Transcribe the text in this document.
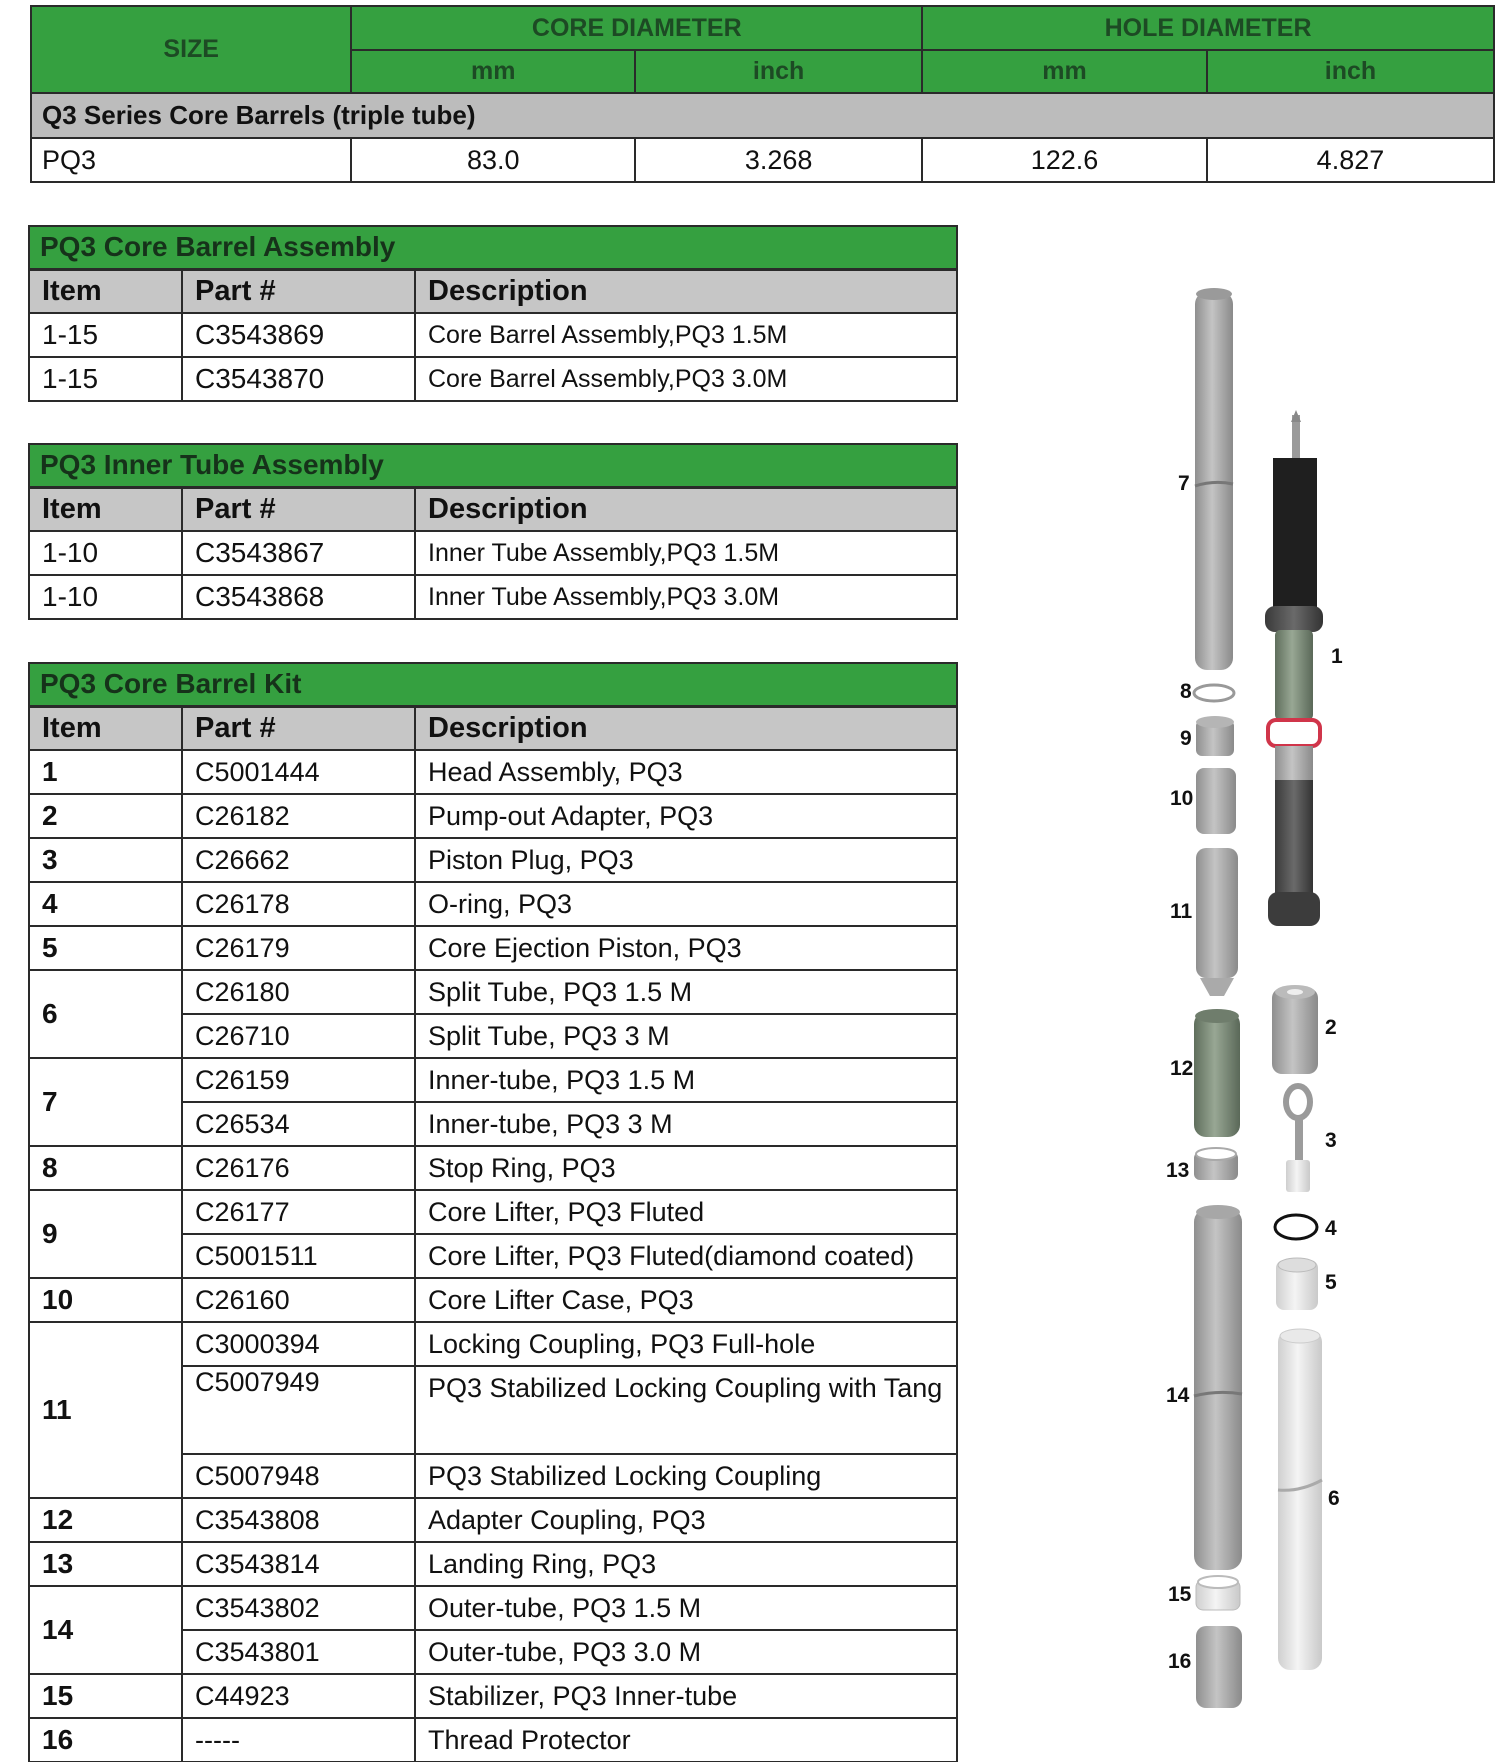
SIZE	CORE DIAMETER		HOLE DIAMETER	
	mm	inch	mm	inch
Q3 Series Core Barrels (triple tube)				
PQ3	83.0	3.268	122.6	4.827
PQ3 Core Barrel Assembly		
Item	Part #	Description
1-15	C3543869	Core Barrel Assembly,PQ3 1.5M
1-15	C3543870	Core Barrel Assembly,PQ3 3.0M
PQ3 Inner Tube Assembly		
Item	Part #	Description
1-10	C3543867	Inner Tube Assembly,PQ3 1.5M
1-10	C3543868	Inner Tube Assembly,PQ3 3.0M
PQ3 Core Barrel Kit		
Item	Part #	Description
1	C5001444	Head Assembly, PQ3
2	C26182	Pump-out Adapter, PQ3
3	C26662	Piston Plug, PQ3
4	C26178	O-ring, PQ3
5	C26179	Core Ejection Piston, PQ3
6	C26180	Split Tube, PQ3 1.5 M
	C26710	Split Tube, PQ3 3 M
7	C26159	Inner-tube, PQ3 1.5 M
	C26534	Inner-tube, PQ3 3 M
8	C26176	Stop Ring, PQ3
9	C26177	Core Lifter, PQ3 Fluted
	C5001511	Core Lifter, PQ3 Fluted(diamond coated)
10	C26160	Core Lifter Case, PQ3
11	C3000394	Locking Coupling, PQ3 Full-hole
	C5007949	PQ3 Stabilized Locking Coupling with Tang
	C5007948	PQ3 Stabilized Locking Coupling
12	C3543808	Adapter Coupling, PQ3
13	C3543814	Landing Ring, PQ3
14	C3543802	Outer-tube, PQ3 1.5 M
	C3543801	Outer-tube, PQ3 3.0 M
15	C44923	Stabilizer, PQ3 Inner-tube
16	-----	Thread Protector
7
8
9
10
11
12
13
14
15
16
1
2
3
4
5
6
